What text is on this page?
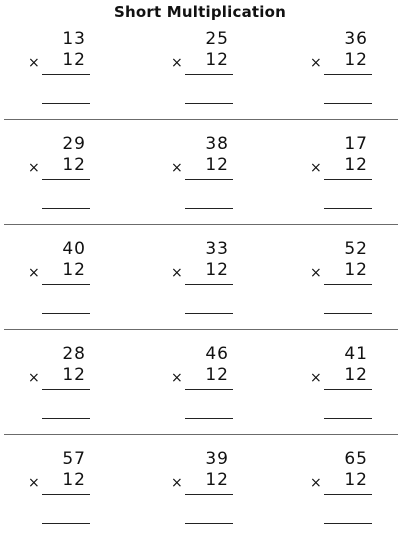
Short Multiplication
13
× 12
25
× 12
36
× 12
29
× 12
38
× 12
17
× 12
40
× 12
33
× 12
52
× 12
28
× 12
46
× 12
41
× 12
57
× 12
39
× 12
65
× 12
